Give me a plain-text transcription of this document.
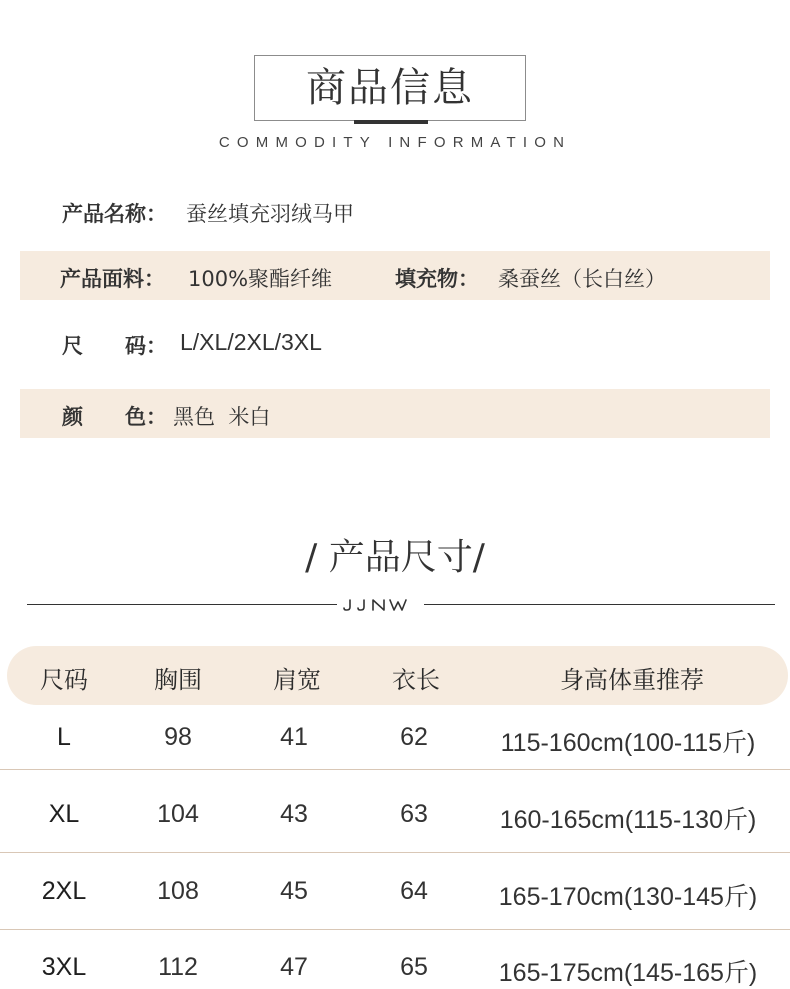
商品信息
COMMODITY INFORMATION
产品名称： 蚕丝填充羽绒马甲
产品面料： 100%聚酯纤维	填充物： 桑蚕丝（长白丝）
尺　　码： L/XL/2XL/3XL
颜　　色： 黑色  米白
/ 产品尺寸/
尺码	胸围	肩宽	衣长	身高体重推荐
L	98	41	62	115-160cm(100-115斤)
XL	104	43	63	160-165cm(115-130斤)
2XL	108	45	64	165-170cm(130-145斤)
3XL	112	47	65	165-175cm(145-165斤)
